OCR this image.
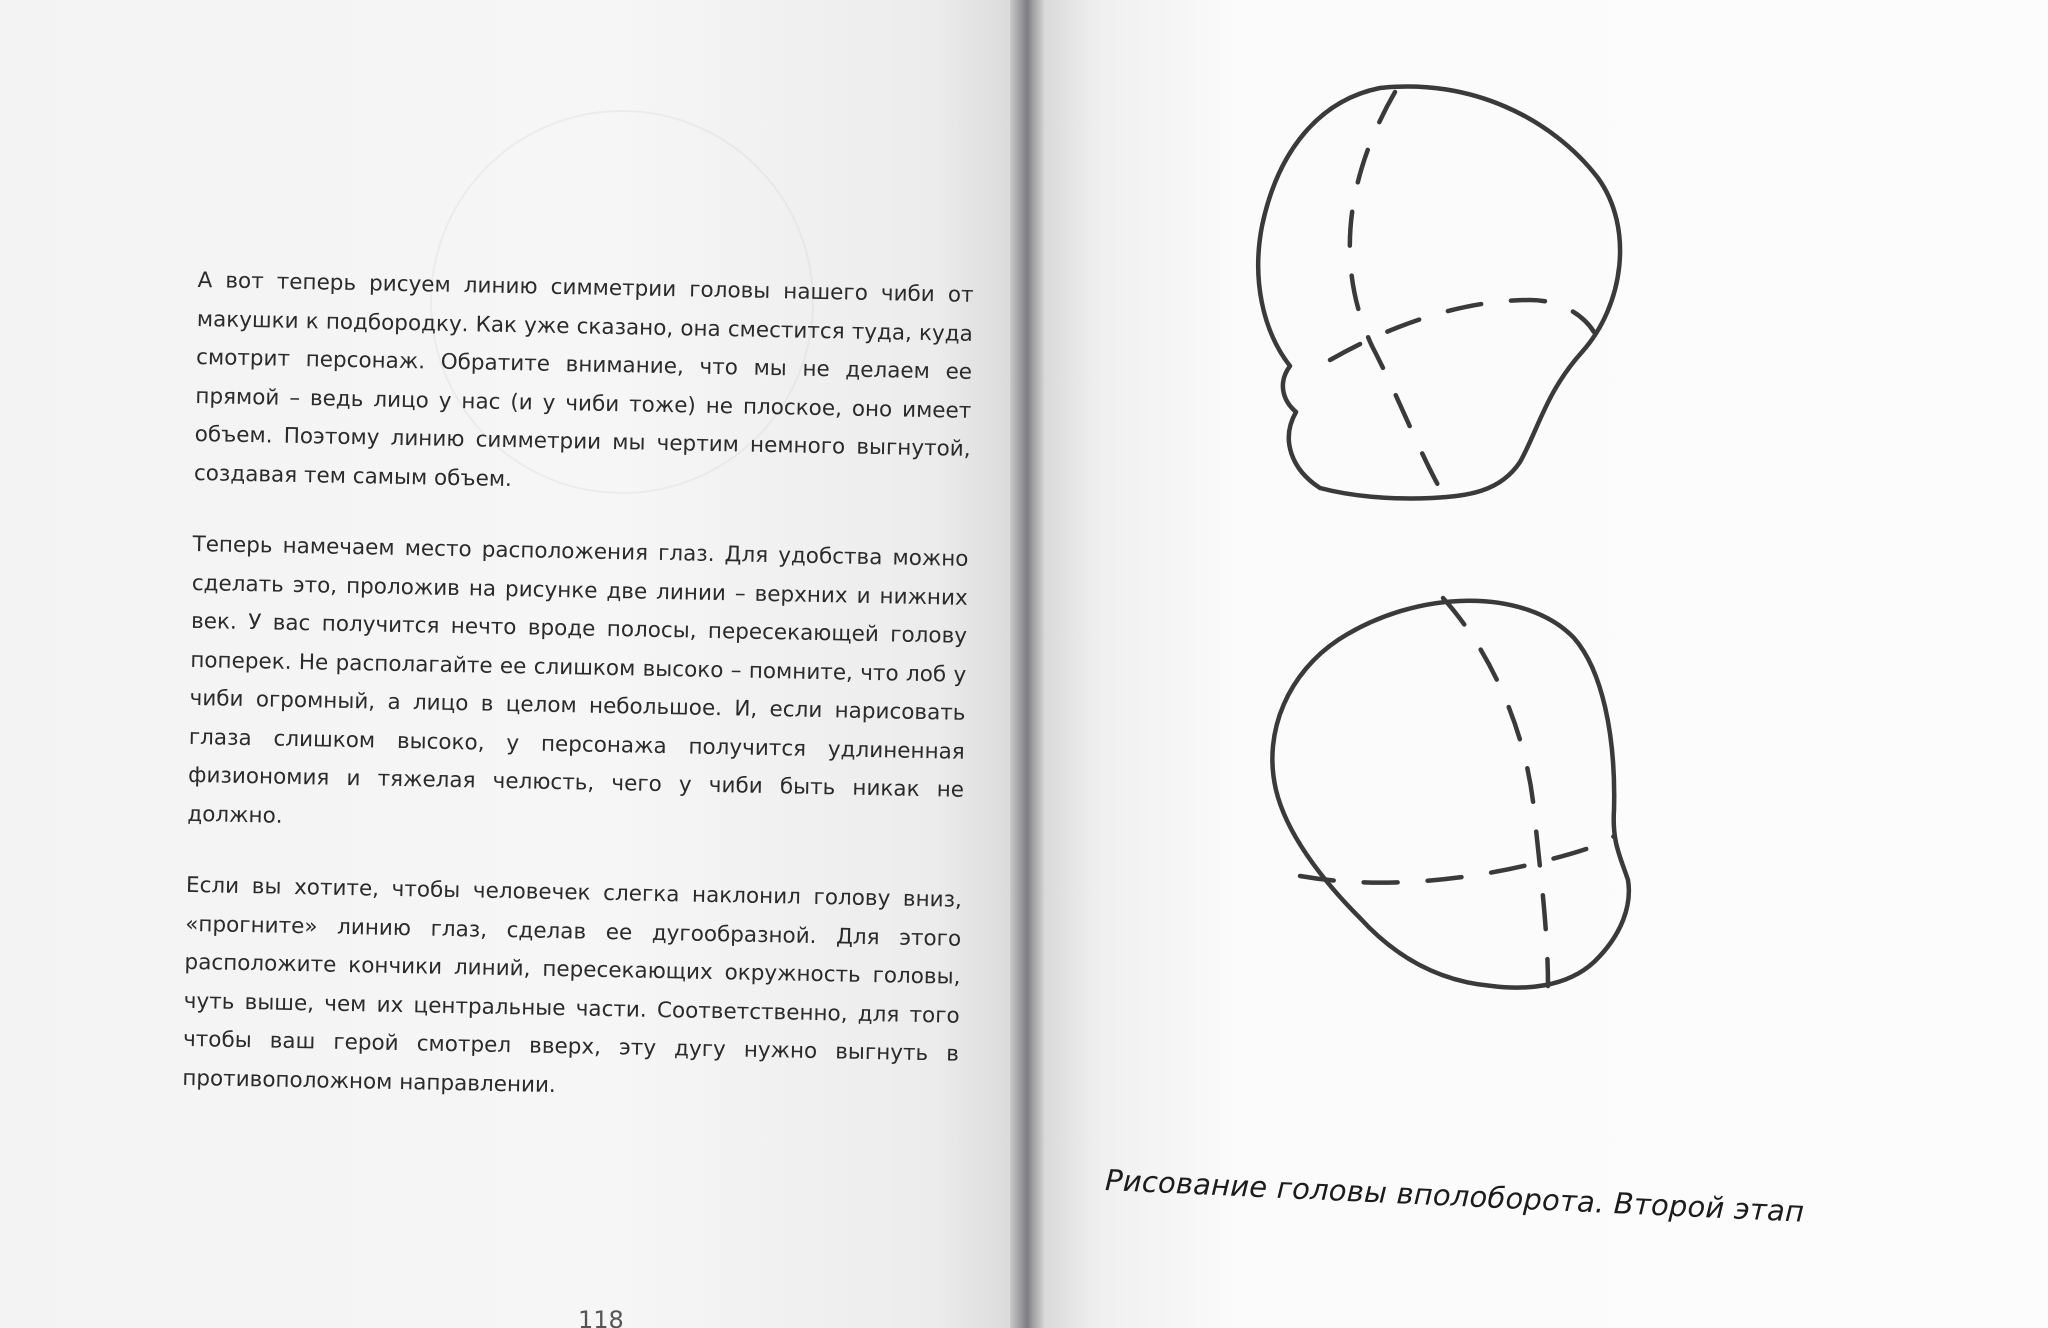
А вот теперь рисуем линию симметрии головы нашего чиби от макушки к подбородку. Как уже сказано, она сместится туда, куда смотрит персонаж. Обратите внимание, что мы не делаем ее прямой – ведь лицо у нас (и у чиби тоже) не плоское, оно имеет объем. Поэтому линию симметрии мы чертим немного выгнутой, создавая тем самым объем.

Теперь намечаем место расположения глаз. Для удобства можно сделать это, проложив на рисунке две линии – верхних и нижних век. У вас получится нечто вроде полосы, пересекающей голову поперек. Не располагайте ее слишком высоко – помните, что лоб у чиби огромный, а лицо в целом небольшое. И, если нарисовать глаза слишком высоко, у персонажа получится удлиненная физиономия и тяжелая челюсть, чего у чиби быть никак не должно.

Если вы хотите, чтобы человечек слегка наклонил голову вниз, «прогните» линию глаз, сделав ее дугообразной. Для этого расположите кончики линий, пересекающих окружность головы, чуть выше, чем их центральные части. Соответственно, для того чтобы ваш герой смотрел вверх, эту дугу нужно выгнуть в противоположном направлении.

118
Рисование головы вполоборота. Второй этап
